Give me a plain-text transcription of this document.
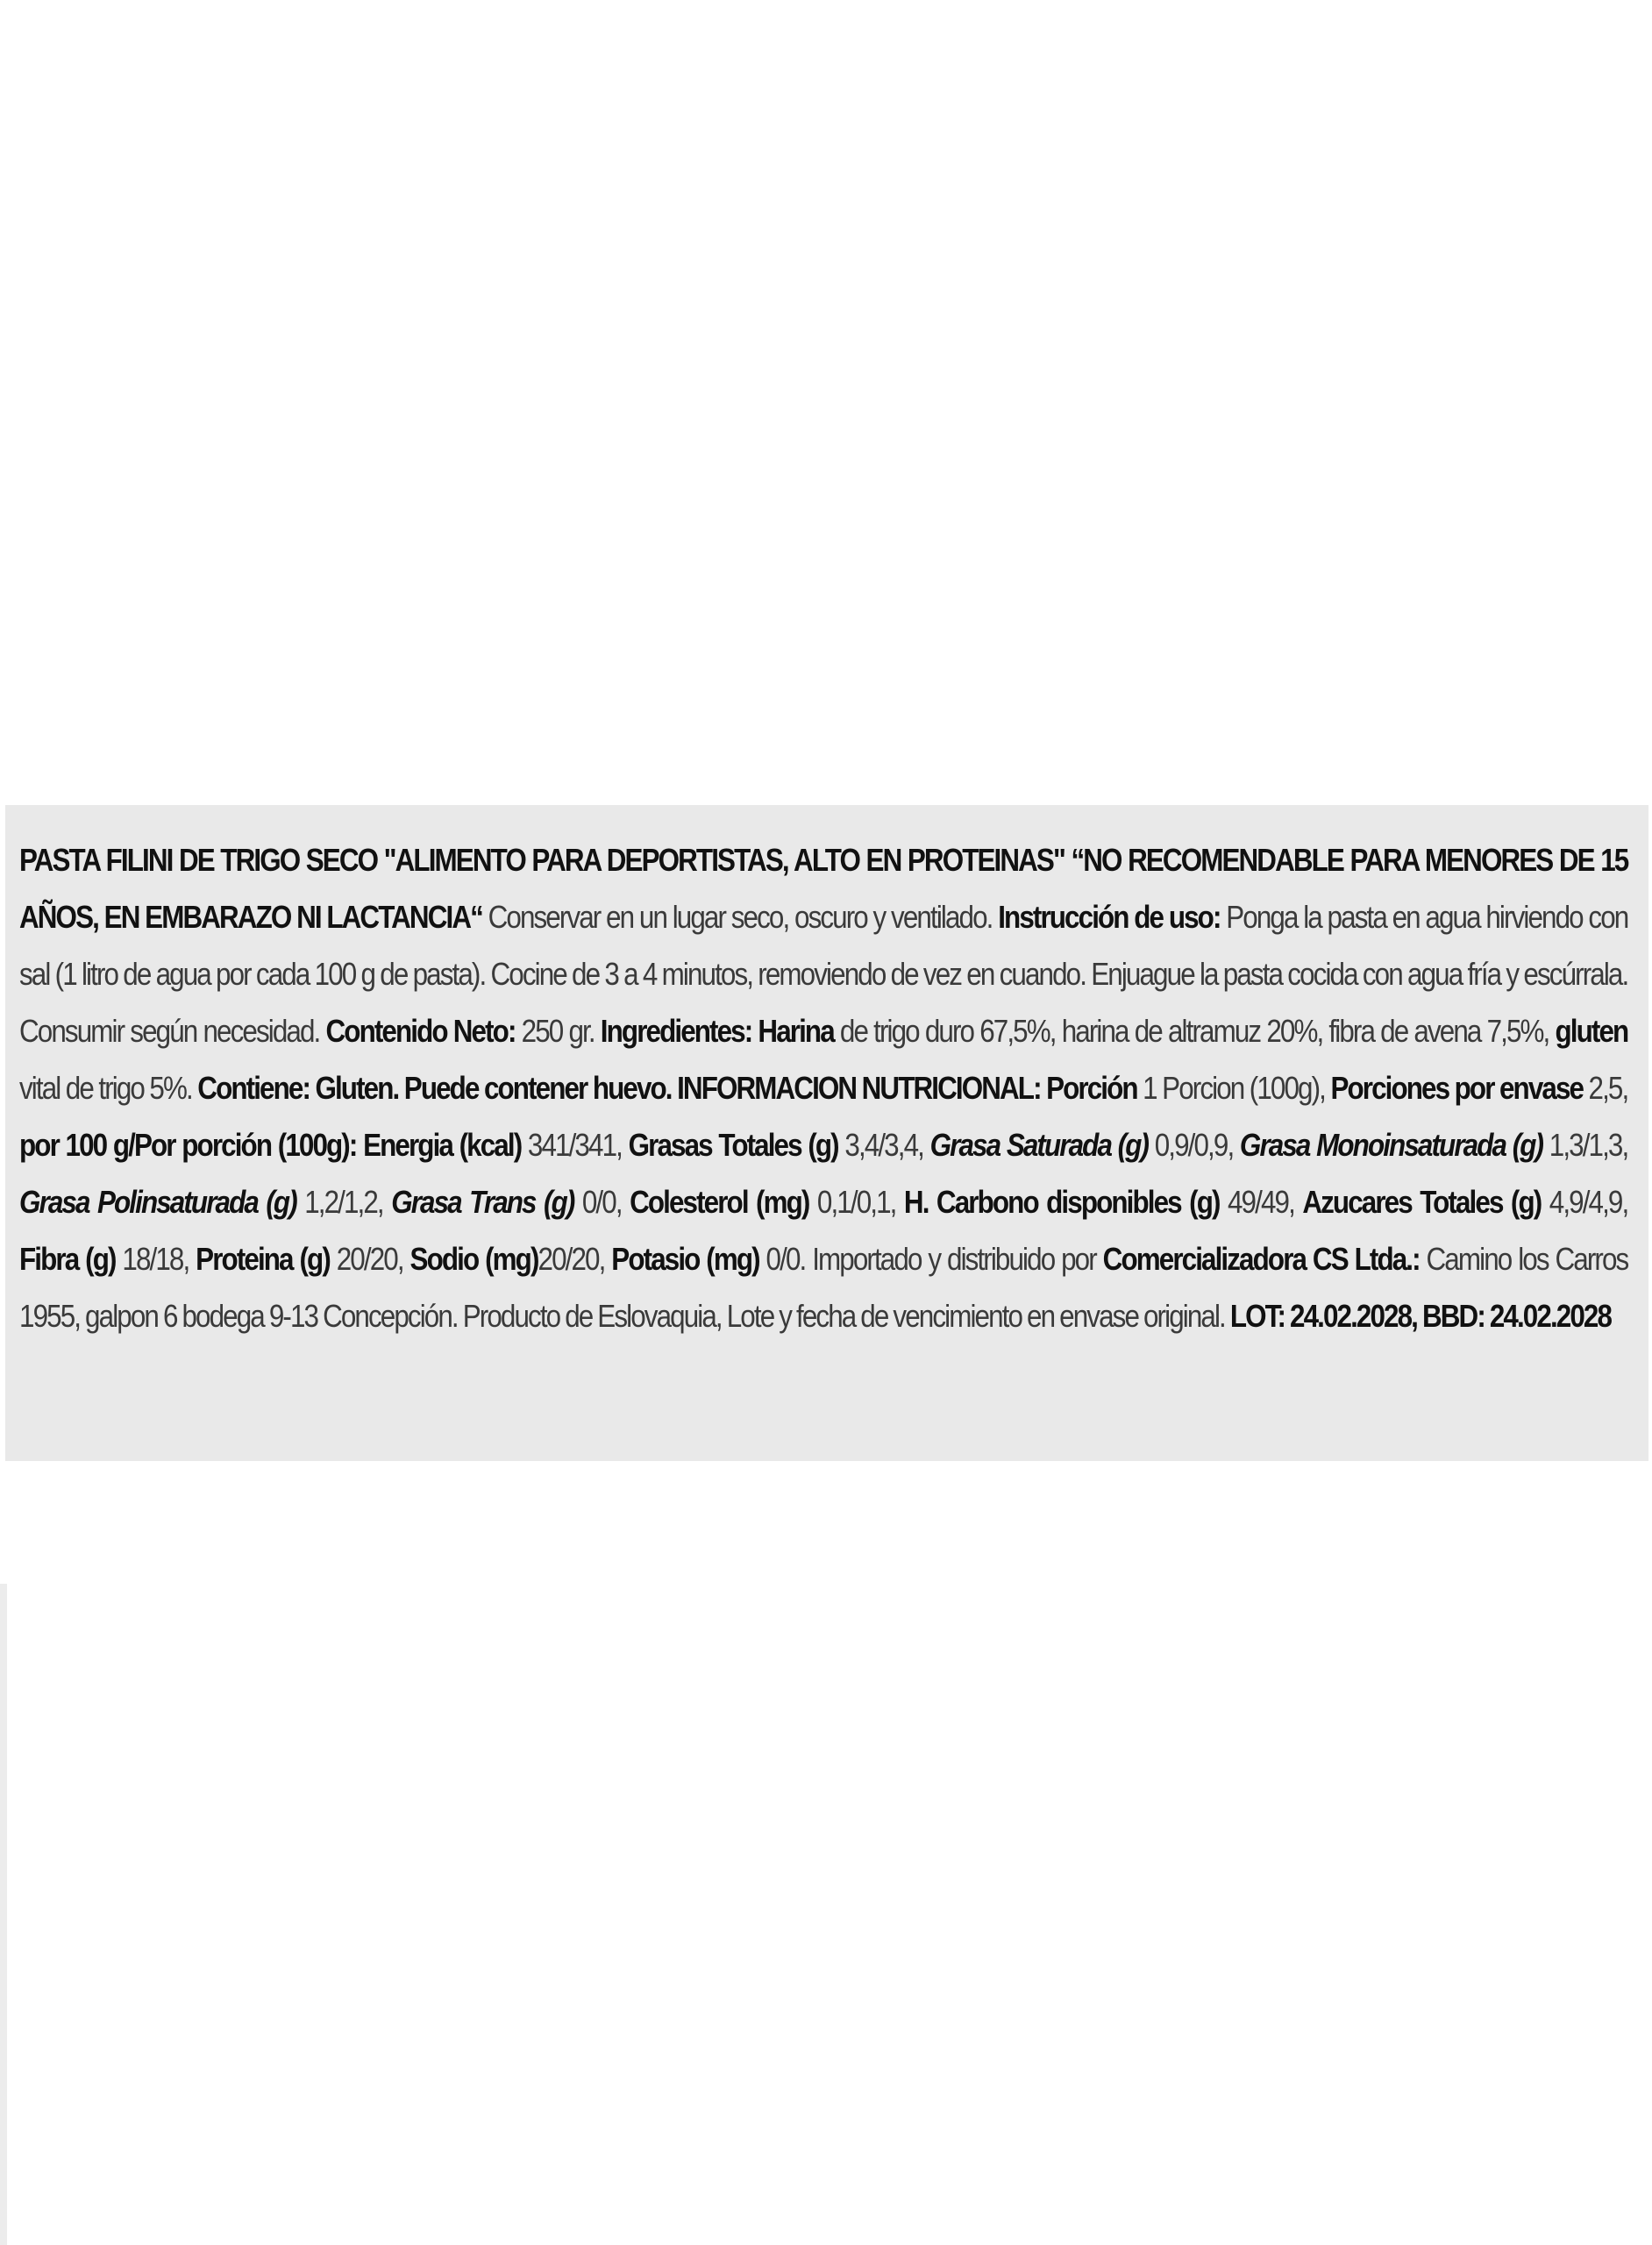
PASTA FILINI DE TRIGO SECO "ALIMENTO PARA DEPORTISTAS, ALTO EN PROTEINAS" “NO RECOMENDABLE PARA MENORES DE 15 AÑOS, EN EMBARAZO NI LACTANCIA“ Conservar en un lugar seco, oscuro y ventilado. Instrucción de uso: Ponga la pasta en agua hirviendo con sal (1 litro de agua por cada 100 g de pasta). Cocine de 3 a 4 minutos, removiendo de vez en cuando. Enjuague la pasta cocida con agua fría y escúrrala. Consumir según necesidad. Contenido Neto: 250 gr. Ingredientes: Harina de trigo duro 67,5%, harina de altramuz 20%, fibra de avena 7,5%, gluten vital de trigo 5%. Contiene: Gluten. Puede contener huevo. INFORMACION NUTRICIONAL: Porción 1 Porcion (100g), Porciones por envase 2,5, por 100 g/Por porción (100g): Energia (kcal) 341/341, Grasas Totales (g) 3,4/3,4, Grasa Saturada (g) 0,9/0,9, Grasa Monoinsaturada (g) 1,3/1,3, Grasa Polinsaturada (g) 1,2/1,2, Grasa Trans (g) 0/0, Colesterol (mg) 0,1/0,1, H. Carbono disponibles (g) 49/49, Azucares Totales (g) 4,9/4,9, Fibra (g) 18/18, Proteina (g) 20/20, Sodio (mg)20/20, Potasio (mg) 0/0. Importado y distribuido por Comercializadora CS Ltda.: Camino los Carros 1955, galpon 6 bodega 9-13 Concepción. Producto de Eslovaquia, Lote y fecha de vencimiento en envase original. LOT: 24.02.2028, BBD: 24.02.2028
